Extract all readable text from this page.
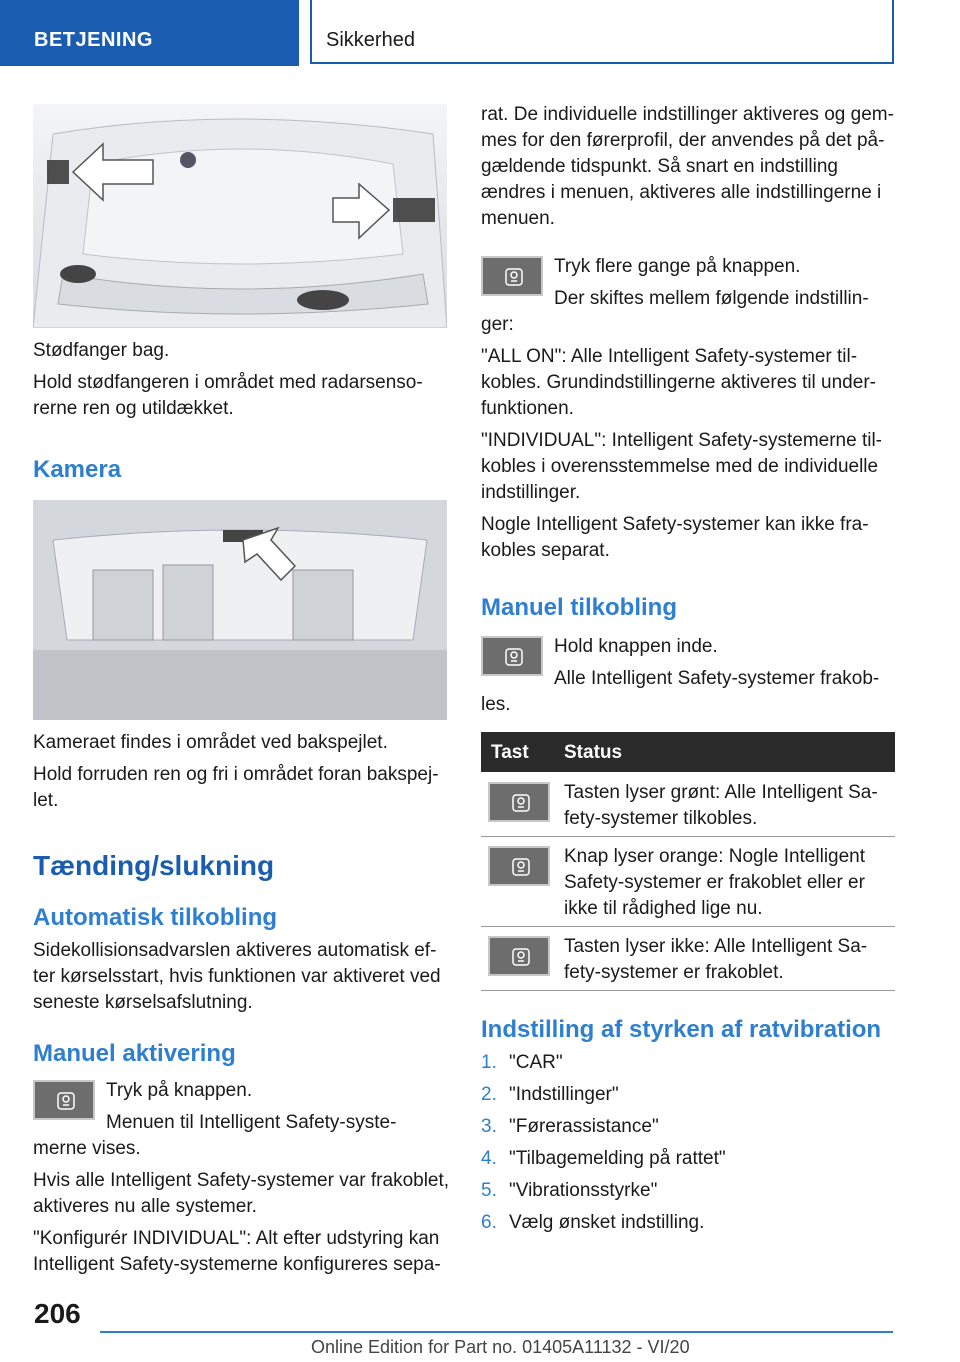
BETJENING	Sikkerhed
Stødfanger bag.
Hold stødfangeren i området med radarsenso-
rerne ren og utildækket.
Kamera
Kameraet findes i området ved bakspejlet.
Hold forruden ren og fri i området foran bakspej-
let.
Tænding/slukning
Automatisk tilkobling
Sidekollisionsadvarslen aktiveres automatisk ef-
ter kørselsstart, hvis funktionen var aktiveret ved
seneste kørselsafslutning.
Manuel aktivering
Tryk på knappen.
Menuen til Intelligent Safety-syste-
merne vises.
Hvis alle Intelligent Safety-systemer var frakoblet,
aktiveres nu alle systemer.
"Konfigurér INDIVIDUAL": Alt efter udstyring kan
Intelligent Safety-systemerne konfigureres sepa-
rat. De individuelle indstillinger aktiveres og gem-
mes for den førerprofil, der anvendes på det på-
gældende tidspunkt. Så snart en indstilling
ændres i menuen, aktiveres alle indstillingerne i
menuen.
Tryk flere gange på knappen.
Der skiftes mellem følgende indstillin-
ger:
"ALL ON": Alle Intelligent Safety-systemer til-
kobles. Grundindstillingerne aktiveres til under-
funktionen.
"INDIVIDUAL": Intelligent Safety-systemerne til-
kobles i overensstemmelse med de individuelle
indstillinger.
Nogle Intelligent Safety-systemer kan ikke fra-
kobles separat.
Manuel tilkobling
Hold knappen inde.
Alle Intelligent Safety-systemer frakob-
les.
Tast Status
Tasten lyser grønt: Alle Intelligent Sa-
fety-systemer tilkobles.
Knap lyser orange: Nogle Intelligent
Safety-systemer er frakoblet eller er
ikke til rådighed lige nu.
Tasten lyser ikke: Alle Intelligent Sa-
fety-systemer er frakoblet.
Indstilling af styrken af ratvibration
1. "CAR"
2. "Indstillinger"
3. "Førerassistance"
4. "Tilbagemelding på rattet"
5. "Vibrationsstyrke"
6. Vælg ønsket indstilling.
206
Online Edition for Part no. 01405A11132 - VI/20
